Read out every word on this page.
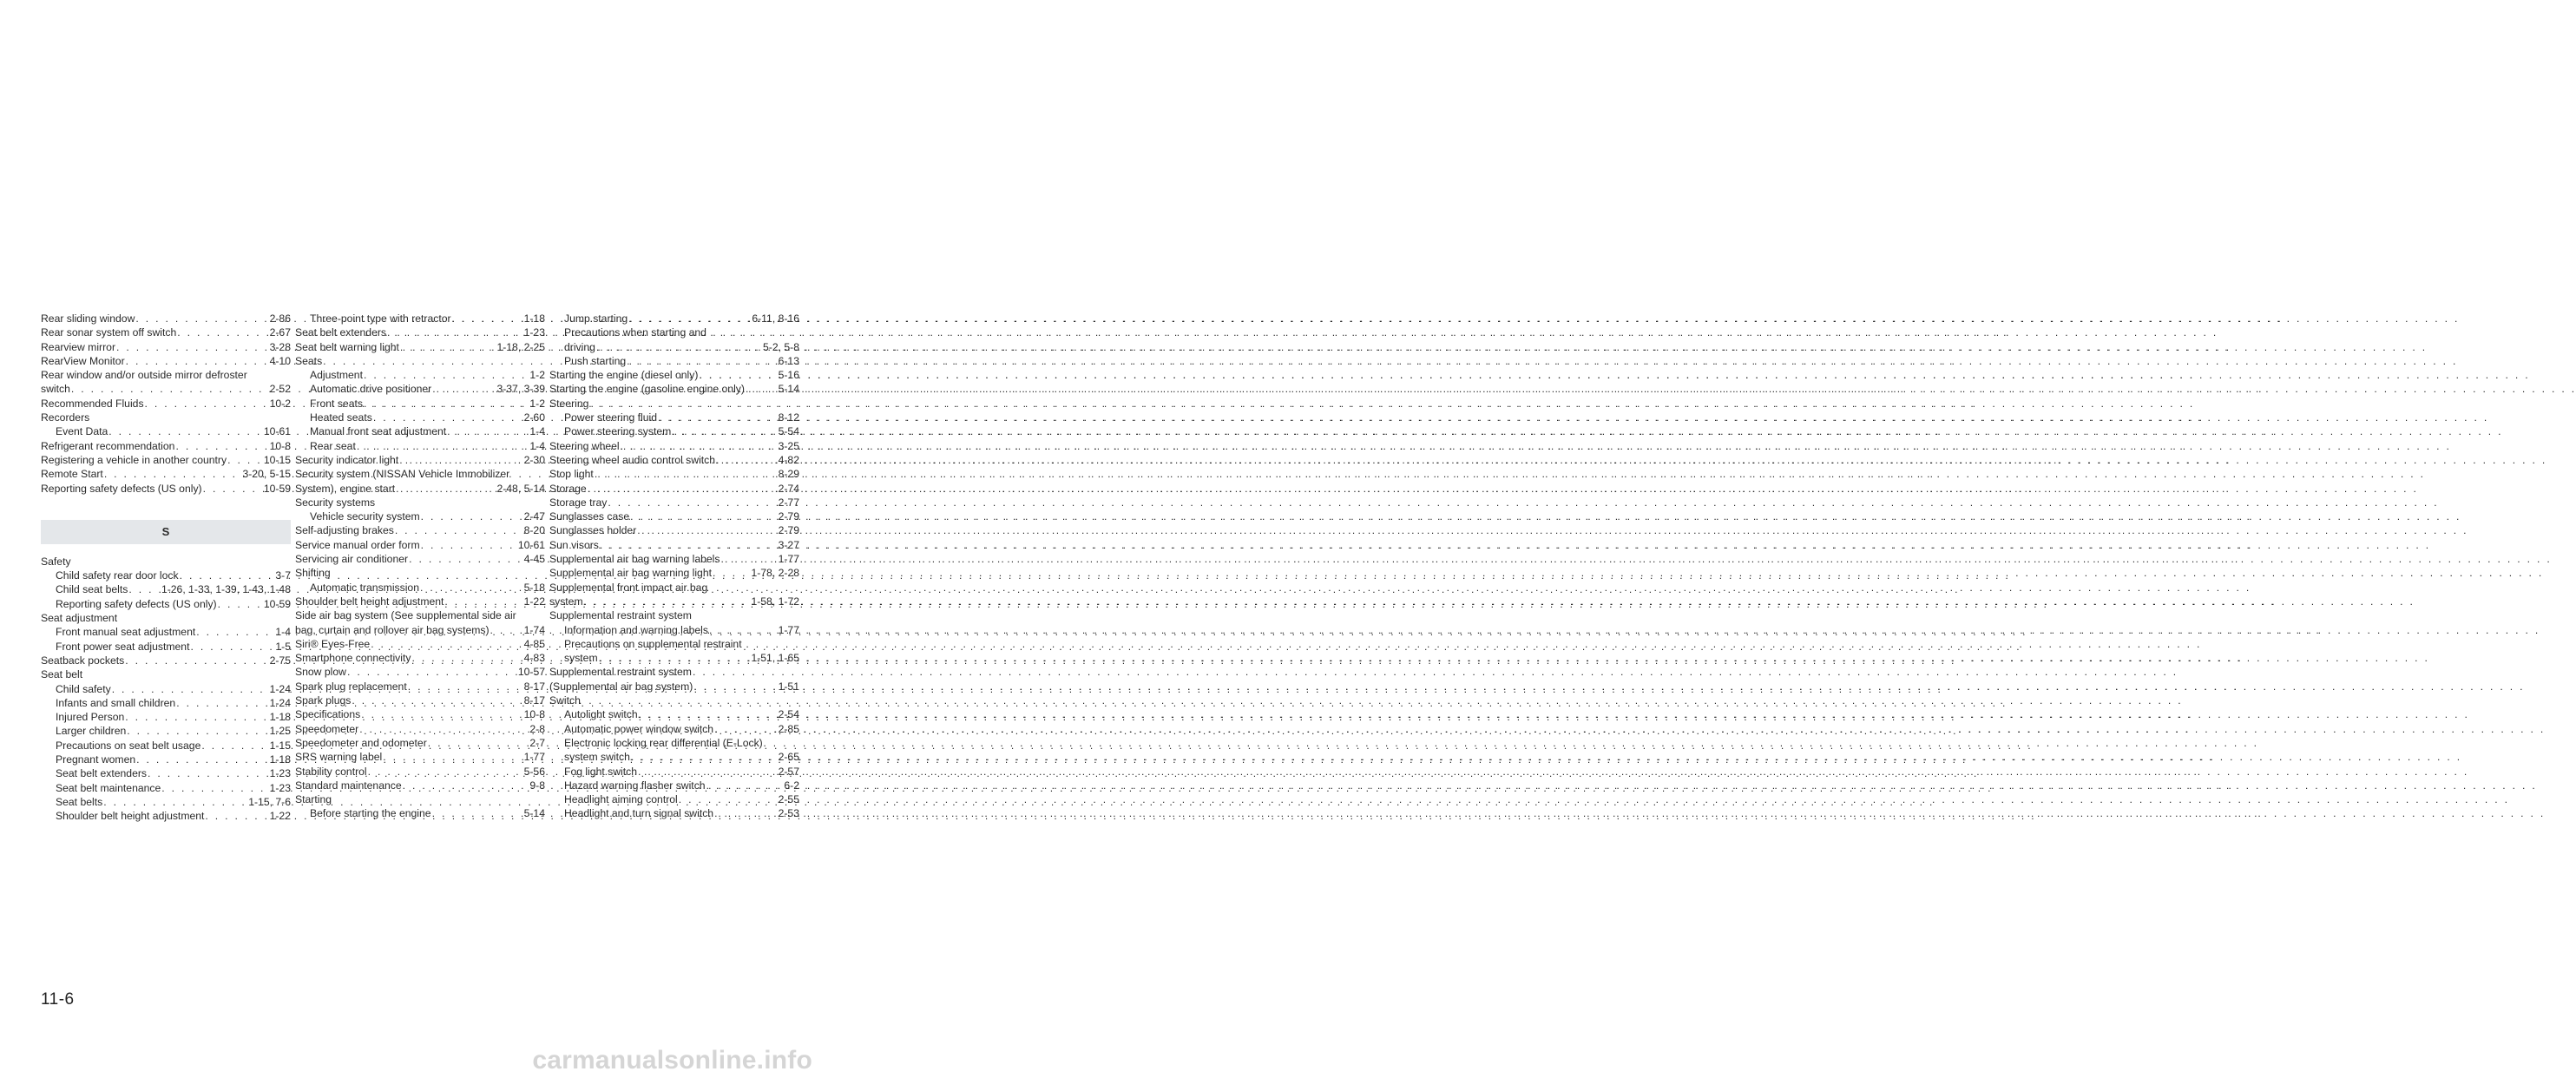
Rear sliding window . . .	2-86
Rear sonar system off switch . . .	2-67
Rearview mirror . . .	3-28
RearView Monitor . . .	4-10
Rear window and/or outside mirror defroster
switch . . .	2-52
Recommended Fluids . . .	10-2
Recorders
Event Data . . .	10-61
Refrigerant recommendation . . .	10-8
Registering a vehicle in another country . . .	10-15
Remote Start . . .	3-20, 5-15
Reporting safety defects (US only) . . .	10-59
S
Safety
Child safety rear door lock . . .	3-7
Child seat belts . . .	1-26, 1-33, 1-39, 1-43, 1-48
Reporting safety defects (US only) . . .	10-59
Seat adjustment
Front manual seat adjustment . . .	1-4
Front power seat adjustment . . .	1-5
Seatback pockets . . .	2-75
Seat belt
Child safety . . .	1-24
Infants and small children . . .	1-24
Injured Person . . .	1-18
Larger children . . .	1-25
Precautions on seat belt usage . . .	1-15
Pregnant women . . .	1-18
Seat belt extenders . . .	1-23
Seat belt maintenance . . .	1-23
Seat belts . . .	1-15, 7-6
Shoulder belt height adjustment . . .	1-22
Three-point type with retractor . . .	1-18
Seat belt extenders . . .	1-23
Seat belt warning light . . .	1-18, 2-25
Seats
Adjustment . . .	1-2
Automatic drive positioner . . .	3-37, 3-39
Front seats . . .	1-2
Heated seats . . .	2-60
Manual front seat adjustment . . .	1-4
Rear seat . . .	1-4
Security indicator light . . .	2-30
Security system (NISSAN Vehicle Immobilizer
System), engine start . . .	2-48, 5-14
Security systems
Vehicle security system . . .	2-47
Self-adjusting brakes . . .	8-20
Service manual order form . . .	10-61
Servicing air conditioner . . .	4-45
Shifting
Automatic transmission . . .	5-18
Shoulder belt height adjustment . . .	1-22
Side air bag system (See supplemental side air
bag, curtain and rollover air bag systems) . . .	1-74
Siri® Eyes-Free . . .	4-85
Smartphone connectivity . . .	4-83
Snow plow . . .	10-57
Spark plug replacement . . .	8-17
Spark plugs . . .	8-17
Specifications . . .	10-8
Speedometer . . .	2-8
Speedometer and odometer . . .	2-7
SRS warning label . . .	1-77
Stability control . . .	5-56
Standard maintenance . . .	9-8
Starting
Before starting the engine . . .	5-14
Jump starting . . .	6-11, 8-16
Precautions when starting and
driving . . .	5-2, 5-8
Push starting . . .	6-13
Starting the engine (diesel only) . . .	5-16
Starting the engine (gasoline engine only) . . .	5-14
Steering
Power steering fluid . . .	8-12
Power steering system . . .	5-54
Steering wheel . . .	3-25
Steering wheel audio control switch . . .	4-82
Stop light . . .	8-29
Storage . . .	2-74
Storage tray . . .	2-77
Sunglasses case . . .	2-79
Sunglasses holder . . .	2-79
Sun visors . . .	3-27
Supplemental air bag warning labels . . .	1-77
Supplemental air bag warning light . . .	1-78, 2-28
Supplemental front impact air bag
system . . .	1-58, 1-72
Supplemental restraint system
Information and warning labels . . .	1-77
Precautions on supplemental restraint
system . . .	1-51, 1-65
Supplemental restraint system
(Supplemental air bag system) . . .	1-51
Switch
Autolight switch . . .	2-54
Automatic power window switch . . .	2-85
Electronic locking rear differential (E-Lock)
system switch . . .	2-65
Fog light switch . . .	2-57
Hazard warning flasher switch . . .	6-2
Headlight aiming control . . .	2-55
Headlight and turn signal switch . . .	2-53
11-6
carmanualsonline.info
